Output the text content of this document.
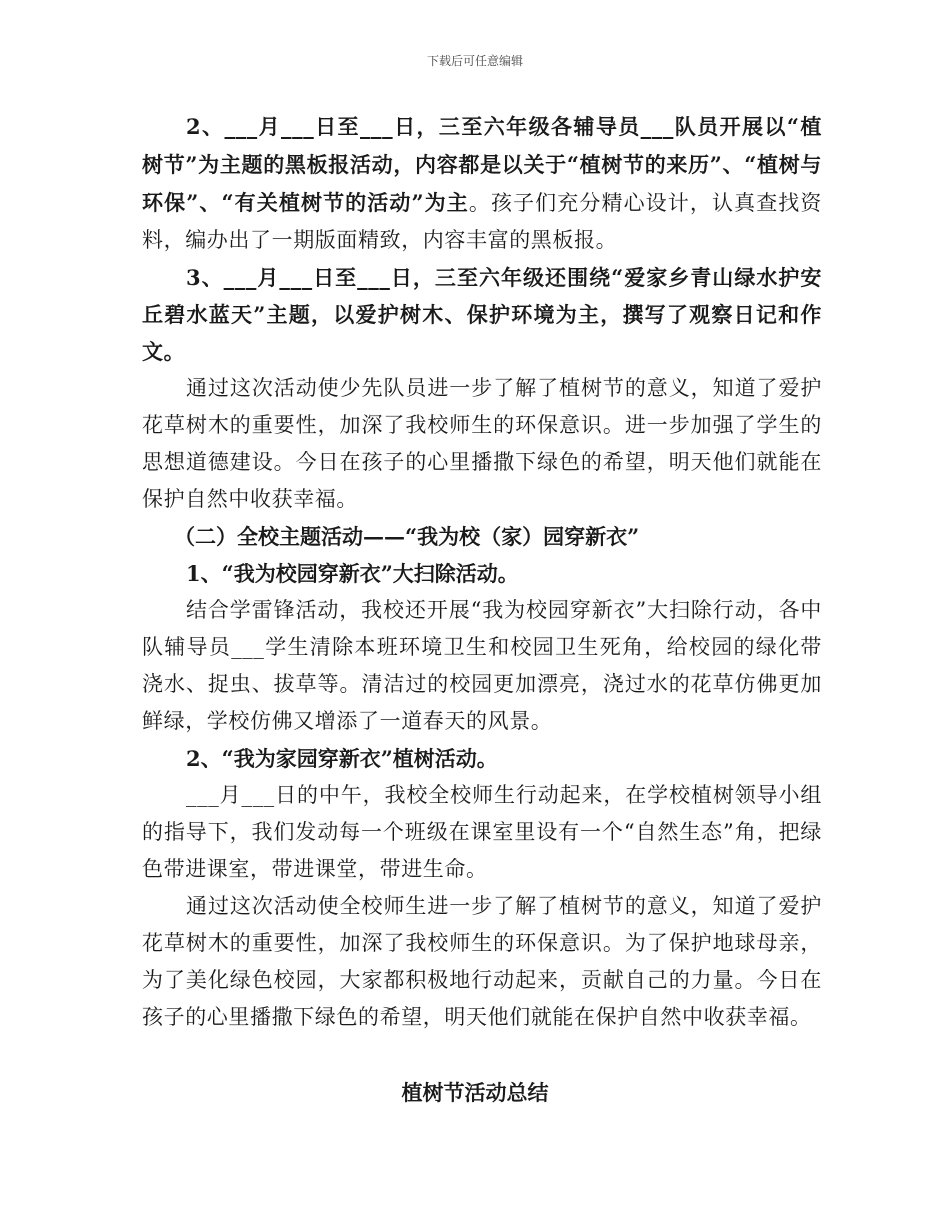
下载后可任意编辑

2、___月___日至___日，三至六年级各辅导员___队员开展以“植树节”为主题的黑板报活动，内容都是以关于“植树节的来历”、“植树与环保”、“有关植树节的活动”为主。孩子们充分精心设计，认真查找资料，编办出了一期版面精致，内容丰富的黑板报。

3、___月___日至___日，三至六年级还围绕“爱家乡青山绿水护安丘碧水蓝天”主题，以爱护树木、保护环境为主，撰写了观察日记和作文。

通过这次活动使少先队员进一步了解了植树节的意义，知道了爱护花草树木的重要性，加深了我校师生的环保意识。进一步加强了学生的思想道德建设。今日在孩子的心里播撒下绿色的希望，明天他们就能在保护自然中收获幸福。

（二）全校主题活动——“我为校（家）园穿新衣”

1、“我为校园穿新衣”大扫除活动。

结合学雷锋活动，我校还开展“我为校园穿新衣”大扫除行动，各中队辅导员___学生清除本班环境卫生和校园卫生死角，给校园的绿化带浇水、捉虫、拔草等。清洁过的校园更加漂亮，浇过水的花草仿佛更加鲜绿，学校仿佛又增添了一道春天的风景。

2、“我为家园穿新衣”植树活动。

___月___日的中午，我校全校师生行动起来，在学校植树领导小组的指导下，我们发动每一个班级在课室里设有一个“自然生态”角，把绿色带进课室，带进课堂，带进生命。

通过这次活动使全校师生进一步了解了植树节的意义，知道了爱护花草树木的重要性，加深了我校师生的环保意识。为了保护地球母亲，为了美化绿色校园，大家都积极地行动起来，贡献自己的力量。今日在孩子的心里播撒下绿色的希望，明天他们就能在保护自然中收获幸福。

植树节活动总结
